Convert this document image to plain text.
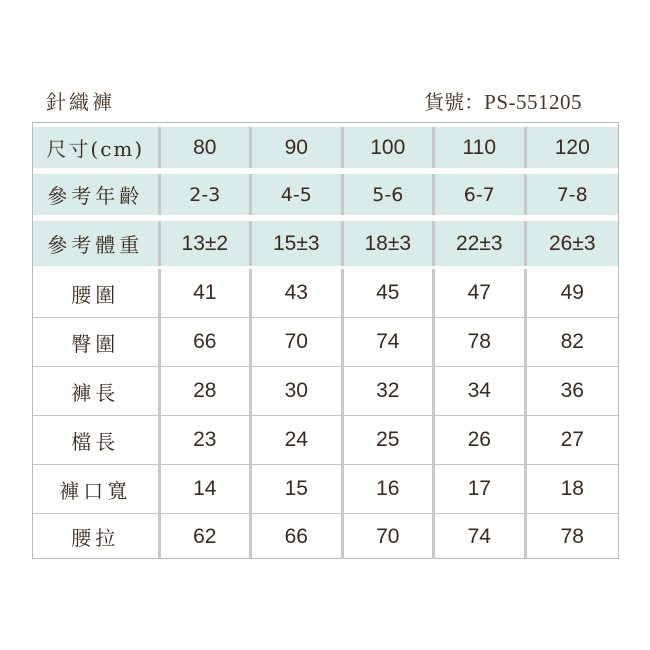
針織褲	貨號：PS-551205
尺寸(cm)	80	90	100	110	120
參考年齡	2-3	4-5	5-6	6-7	7-8
參考體重	13±2	15±3	18±3	22±3	26±3
腰圍	41	43	45	47	49
臀圍	66	70	74	78	82
褲長	28	30	32	34	36
檔長	23	24	25	26	27
褲口寬	14	15	16	17	18
腰拉	62	66	70	74	78
